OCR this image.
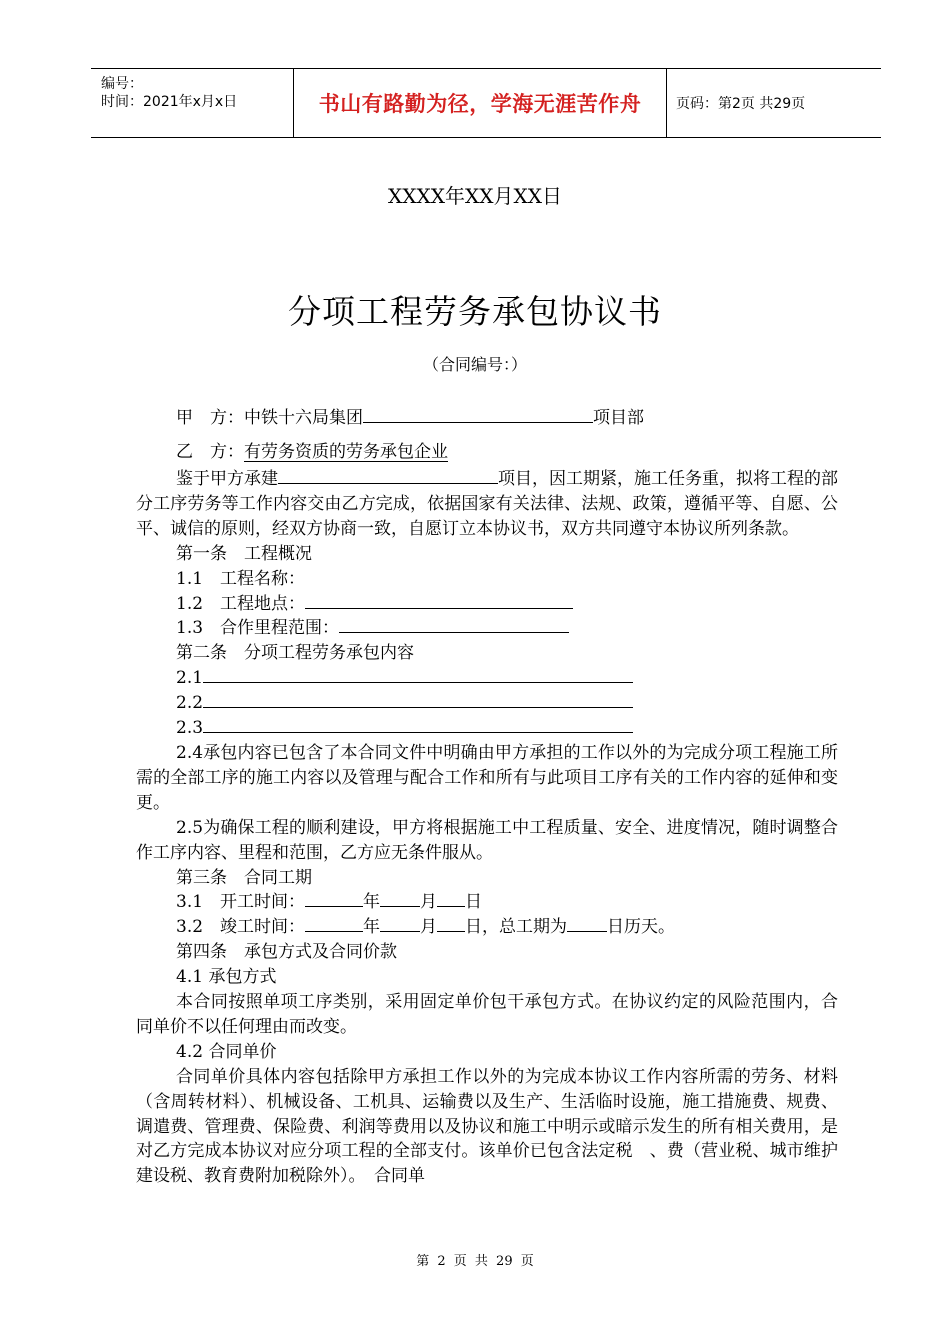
编号：
时间：2021年x月x日	书山有路勤为径，学海无涯苦作舟	页码：第2页 共29页
XXXX年XX月XX日
分项工程劳务承包协议书
（合同编号：）
甲　方：中铁十六局集团	项目部
乙　方：有劳务资质的劳务承包企业

鉴于甲方承建	项目，因工期紧，施工任务重，拟将工程的部分工序劳务等工作内容交由乙方完成，依据国家有关法律、法规、政策，遵循平等、自愿、公平、诚信的原则，经双方协商一致，自愿订立本协议书，双方共同遵守本协议所列条款。

第一条　工程概况

1.1　工程名称：

1.2　工程地点：

1.3　合作里程范围：

第二条　分项工程劳务承包内容

2.1

2.2

2.3

2.4承包内容已包含了本合同文件中明确由甲方承担的工作以外的为完成分项工程施工所需的全部工序的施工内容以及管理与配合工作和所有与此项目工序有关的工作内容的延伸和变更。

2.5为确保工程的顺利建设，甲方将根据施工中工程质量、安全、进度情况，随时调整合作工序内容、里程和范围，乙方应无条件服从。

第三条　合同工期

3.1　开工时间：	年 月 日

3.2　竣工时间：	年 月 日，总工期为 日历天。

第四条　承包方式及合同价款

4.1 承包方式

本合同按照单项工序类别，采用固定单价包干承包方式。在协议约定的风险范围内，合同单价不以任何理由而改变。

4.2 合同单价

合同单价具体内容包括除甲方承担工作以外的为完成本协议工作内容所需的劳务、材料（含周转材料）、机械设备、工机具、运输费以及生产、生活临时设施，施工措施费、规费、调遣费、管理费、保险费、利润等费用以及协议和施工中明示或暗示发生的所有相关费用，是对乙方完成本协议对应分项工程的全部支付。该单价已包含法定税　、费（营业税、城市维护建设税、教育费附加税除外）。　合同单

第 2 页 共 29 页
